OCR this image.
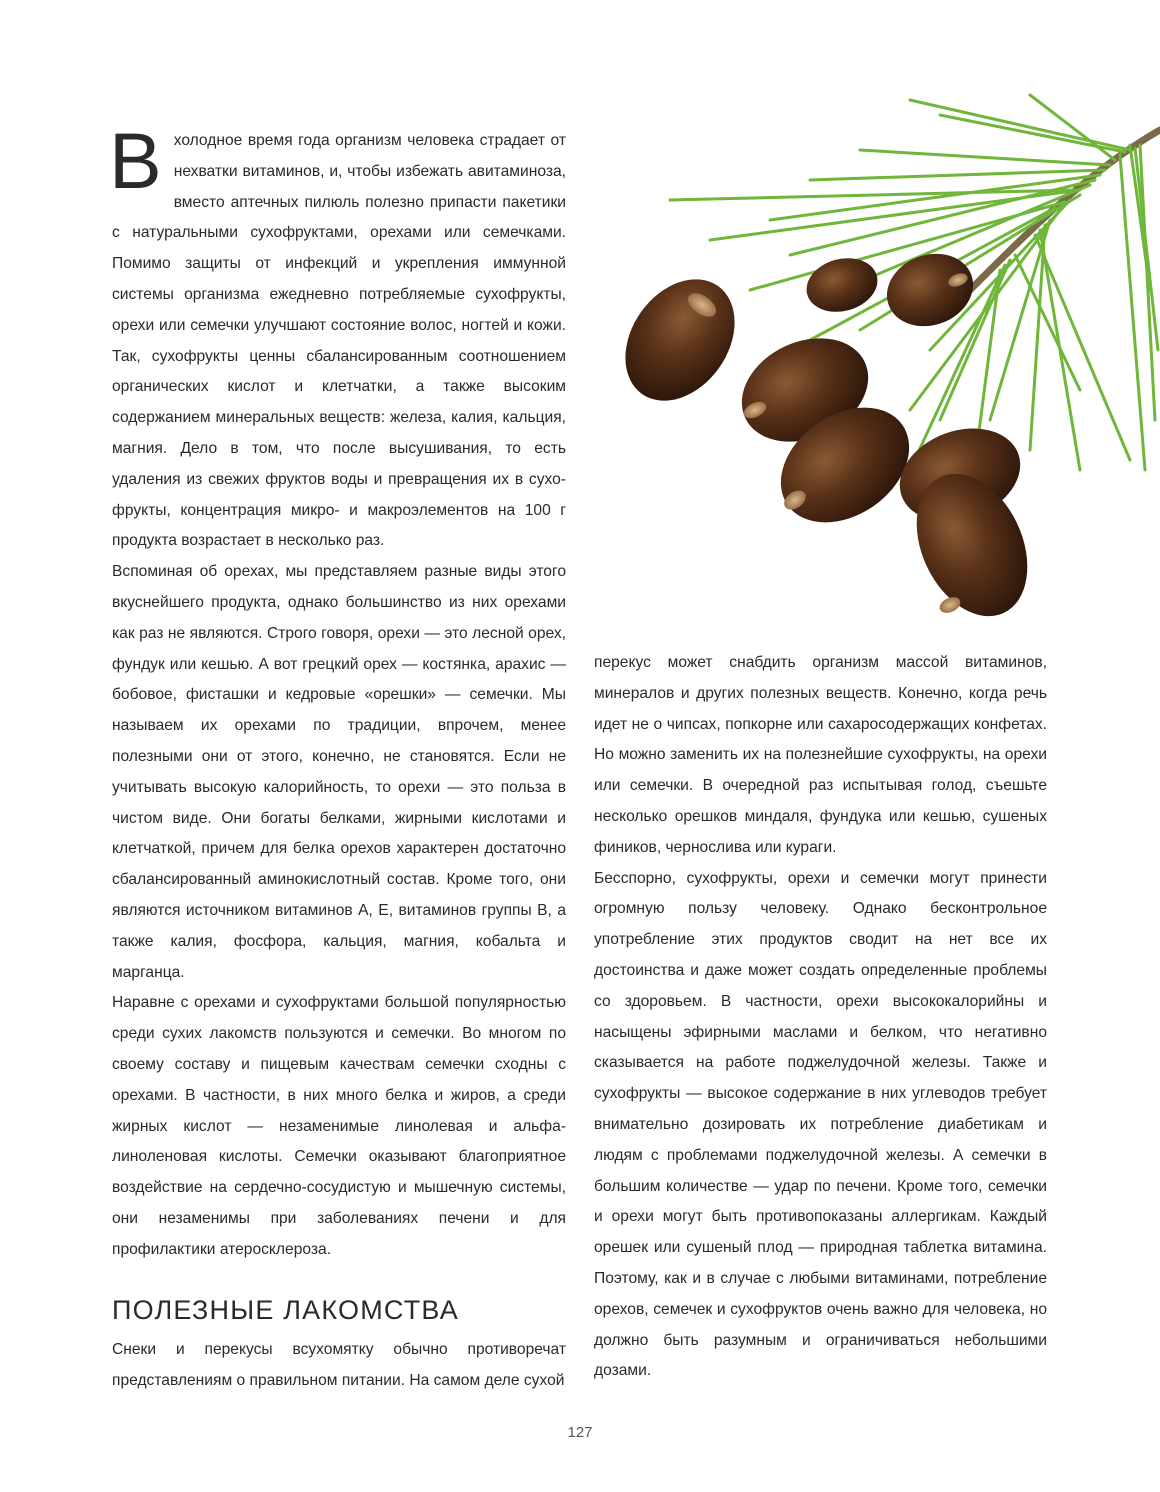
В холодное время года организм человека страдает от нехватки витаминов, и, чтобы избежать авитаминоза, вместо аптечных пилюль полезно припасти пакетики с натуральными сухофруктами, орехами или семечками. Помимо защиты от инфекций и укрепления иммунной системы организма ежедневно потребляемые сухофрукты, орехи или семечки улучшают состояние волос, ногтей и кожи. Так, сухофрукты ценны сбалансированным соотношением органических кислот и клетчатки, а также высоким содержанием минеральных веществ: железа, калия, кальция, магния. Дело в том, что после высушивания, то есть удаления из свежих фруктов воды и превращения их в сухо-фрукты, концентрация микро- и макроэлементов на 100 г продукта возрастает в несколько раз.

Вспоминая об орехах, мы представляем разные виды этого вкуснейшего продукта, однако большинство из них орехами как раз не являются. Строго говоря, орехи — это лесной орех, фундук или кешью. А вот грецкий орех — костянка, арахис — бобовое, фисташки и кедровые «орешки» — семечки. Мы называем их орехами по традиции, впрочем, менее полезными они от этого, конечно, не становятся. Если не учитывать высокую калорийность, то орехи — это польза в чистом виде. Они богаты белками, жирными кислотами и клетчаткой, причем для белка орехов характерен достаточно сбалансированный аминокислотный состав. Кроме того, они являются источником витаминов А, Е, витаминов группы В, а также калия, фосфора, кальция, магния, кобальта и марганца.

Наравне с орехами и сухофруктами большой популярностью среди сухих лакомств пользуются и семечки. Во многом по своему составу и пищевым качествам семечки сходны с орехами. В частности, в них много белка и жиров, а среди жирных кислот — незаменимые линолевая и альфа-линоленовая кислоты. Семечки оказывают благоприятное воздействие на сердечно-сосудистую и мышечную системы, они незаменимы при заболеваниях печени и для профилактики атеросклероза.

ПОЛЕЗНЫЕ ЛАКОМСТВА

Снеки и перекусы всухомятку обычно противоречат представлениям о правильном питании. На самом деле сухой

перекус может снабдить организм массой витаминов, минералов и других полезных веществ. Конечно, когда речь идет не о чипсах, попкорне или сахаросодержащих конфетах. Но можно заменить их на полезнейшие сухофрукты, на орехи или семечки. В очередной раз испытывая голод, съешьте несколько орешков миндаля, фундука или кешью, сушеных фиников, чернослива или кураги.

Бесспорно, сухофрукты, орехи и семечки могут принести огромную пользу человеку. Однако бесконтрольное употребление этих продуктов сводит на нет все их достоинства и даже может создать определенные проблемы со здоровьем. В частности, орехи высококалорийны и насыщены эфирными маслами и белком, что негативно сказывается на работе поджелудочной железы. Также и сухофрукты — высокое содержание в них углеводов требует внимательно дозировать их потребление диабетикам и людям с проблемами поджелудочной железы. А семечки в большим количестве — удар по печени. Кроме того, семечки и орехи могут быть противопоказаны аллергикам. Каждый орешек или сушеный плод — природная таблетка витамина. Поэтому, как и в случае с любыми витаминами, потребление орехов, семечек и сухофруктов очень важно для человека, но должно быть разумным и ограничиваться небольшими дозами.

127
